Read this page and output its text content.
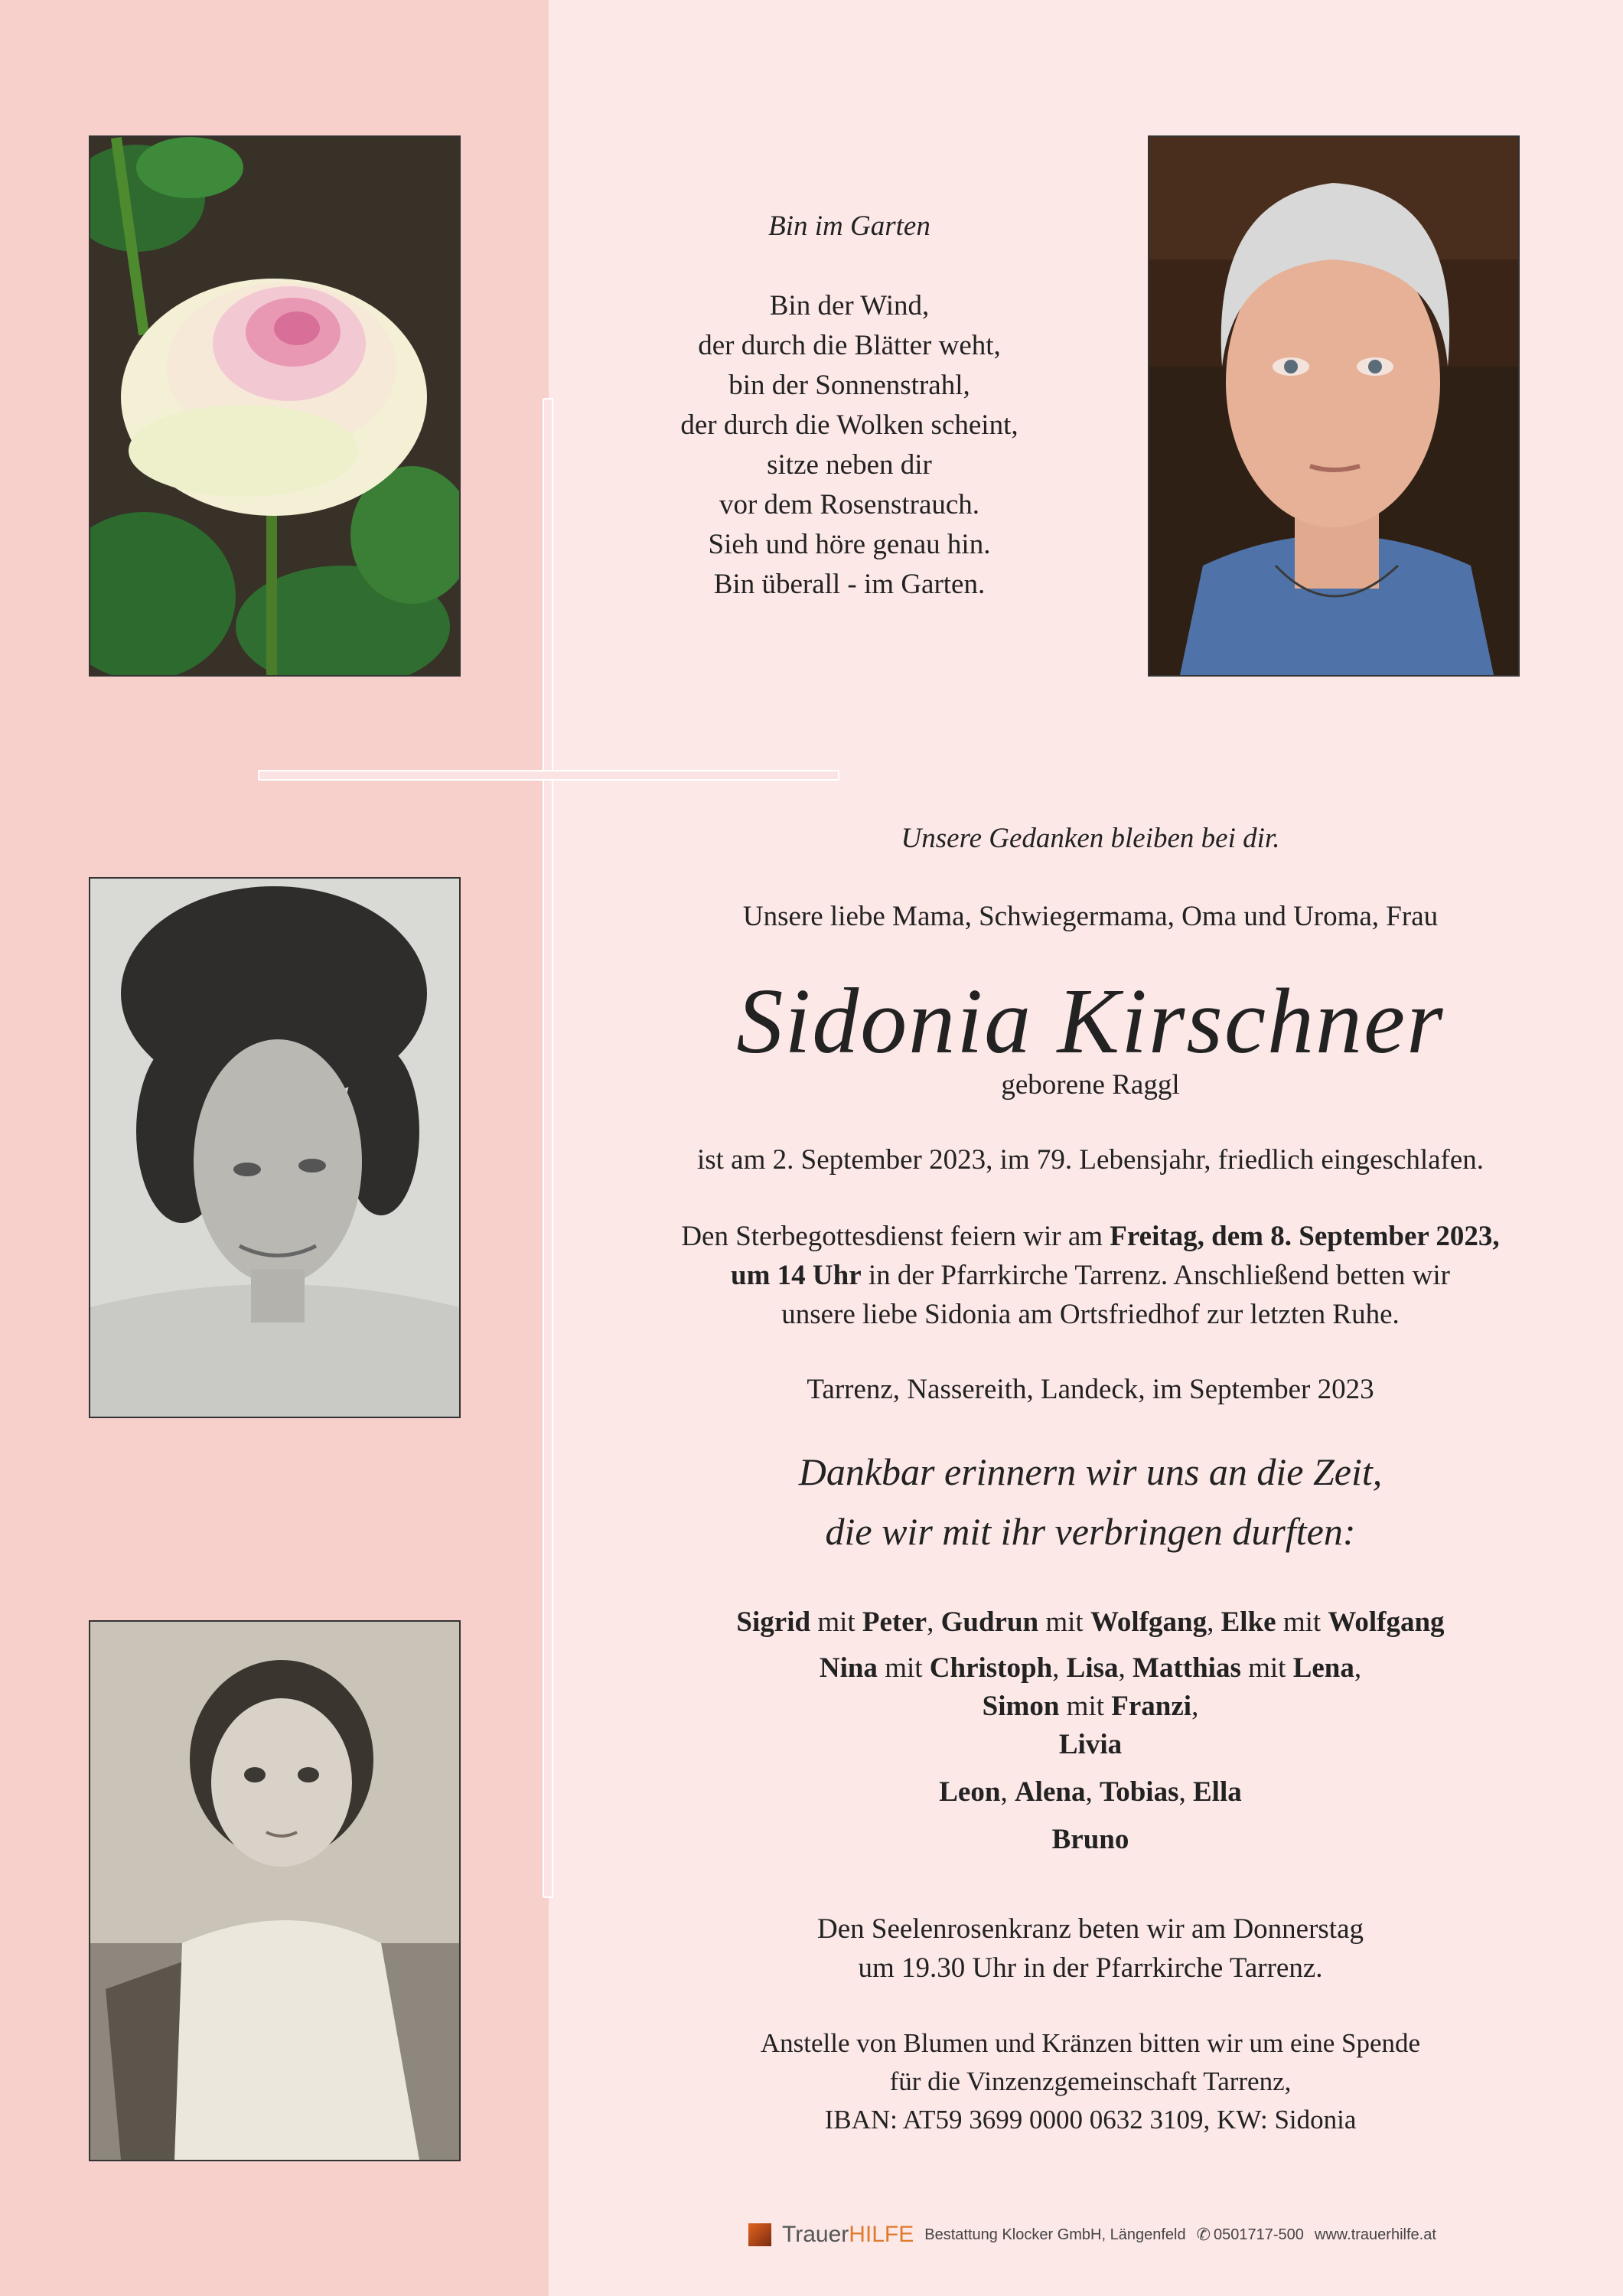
Bin im Garten
Bin der Wind,
der durch die Blätter weht,
bin der Sonnenstrahl,
der durch die Wolken scheint,
sitze neben dir
vor dem Rosenstrauch.
Sieh und höre genau hin.
Bin überall - im Garten.
Unsere Gedanken bleiben bei dir.
Unsere liebe Mama, Schwiegermama, Oma und Uroma, Frau
Sidonia Kirschner
geborene Raggl
ist am 2. September 2023, im 79. Lebensjahr, friedlich eingeschlafen.
Den Sterbegottesdienst feiern wir am Freitag, dem 8. September 2023,
um 14 Uhr in der Pfarrkirche Tarrenz. Anschließend betten wir
unsere liebe Sidonia am Ortsfriedhof zur letzten Ruhe.
Tarrenz, Nassereith, Landeck, im September 2023
Dankbar erinnern wir uns an die Zeit,
die wir mit ihr verbringen durften:
Sigrid mit Peter, Gudrun mit Wolfgang, Elke mit Wolfgang
Nina mit Christoph, Lisa, Matthias mit Lena,
Simon mit Franzi,
Livia
Leon, Alena, Tobias, Ella
Bruno
Den Seelenrosenkranz beten wir am Donnerstag
um 19.30 Uhr in der Pfarrkirche Tarrenz.
Anstelle von Blumen und Kränzen bitten wir um eine Spende
für die Vinzenzgemeinschaft Tarrenz,
IBAN: AT59 3699 0000 0632 3109, KW: Sidonia
TrauerHILFE Bestattung Klocker GmbH, Längenfeld ✆ 0501717-500 www.trauerhilfe.at
